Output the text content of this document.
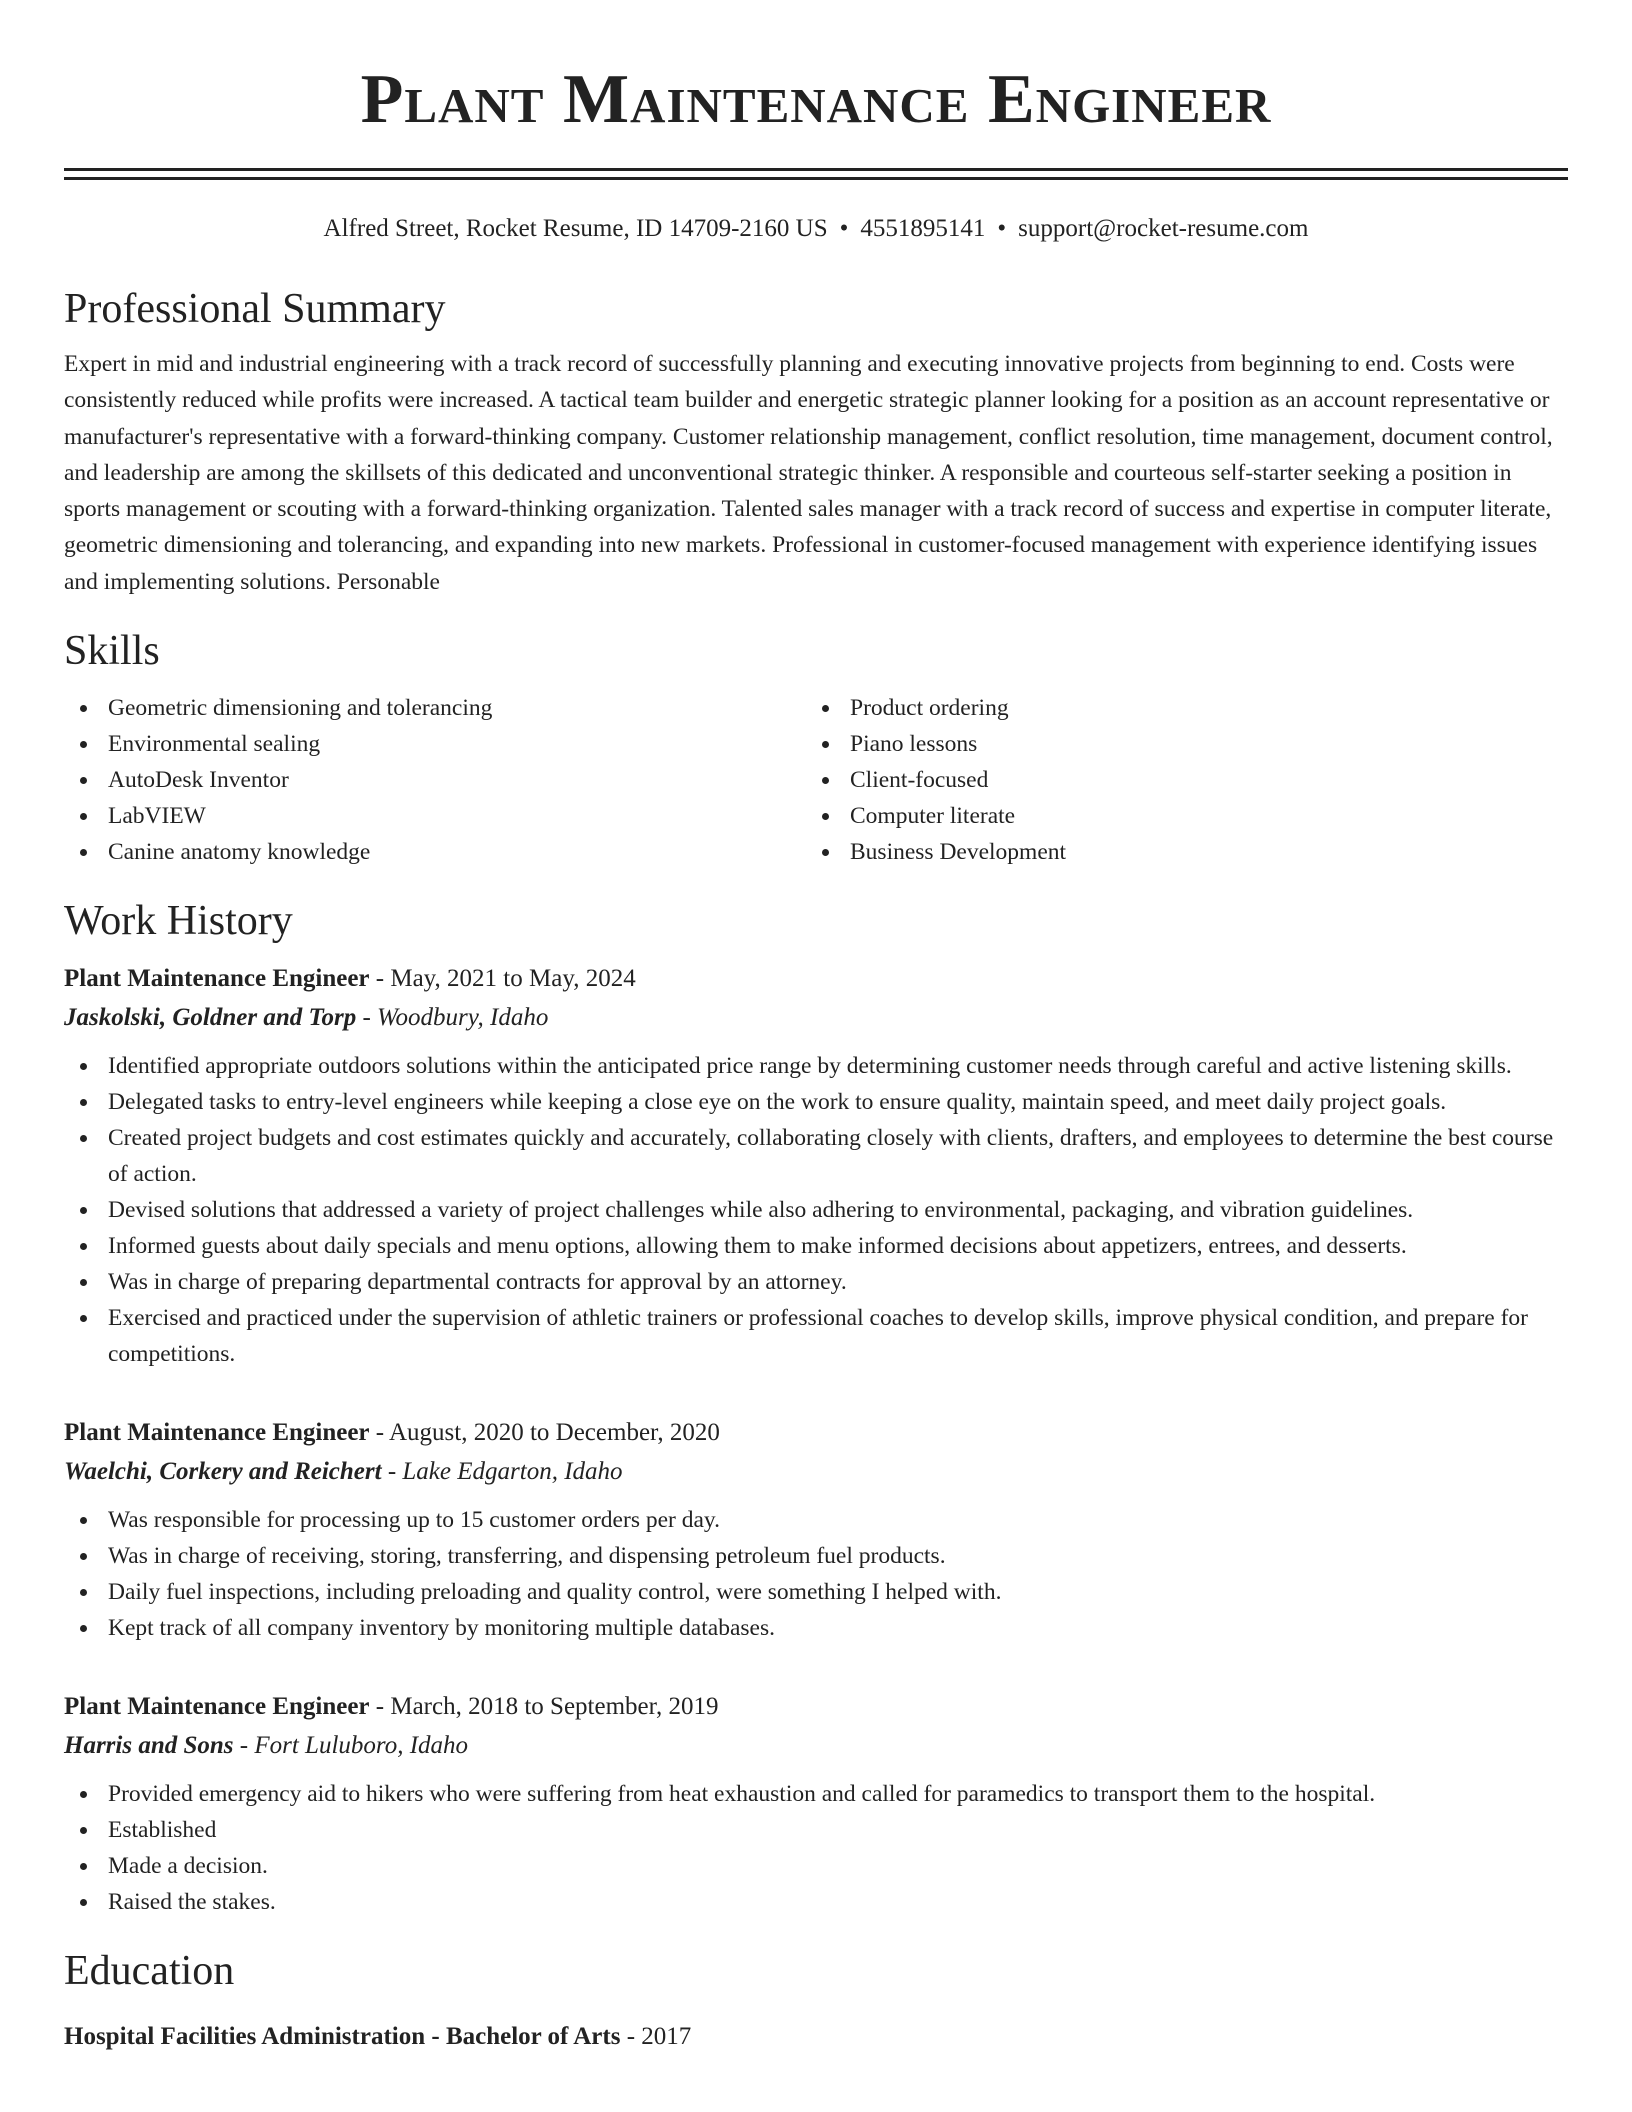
Plant Maintenance Engineer
Alfred Street, Rocket Resume, ID 14709-2160 US • 4551895141 • support@rocket-resume.com
Professional Summary

Expert in mid and industrial engineering with a track record of successfully planning and executing innovative projects from beginning to end. Costs were consistently reduced while profits were increased. A tactical team builder and energetic strategic planner looking for a position as an account representative or manufacturer's representative with a forward-thinking company. Customer relationship management, conflict resolution, time management, document control, and leadership are among the skillsets of this dedicated and unconventional strategic thinker. A responsible and courteous self-starter seeking a position in sports management or scouting with a forward-thinking organization. Talented sales manager with a track record of success and expertise in computer literate, geometric dimensioning and tolerancing, and expanding into new markets. Professional in customer-focused management with experience identifying issues and implementing solutions. Personable

Skills
Geometric dimensioning and tolerancing
Environmental sealing
AutoDesk Inventor
LabVIEW
Canine anatomy knowledge
Product ordering
Piano lessons
Client-focused
Computer literate
Business Development
Work History
Plant Maintenance Engineer - May, 2021 to May, 2024
Jaskolski, Goldner and Torp - Woodbury, Idaho
Identified appropriate outdoors solutions within the anticipated price range by determining customer needs through careful and active listening skills.
Delegated tasks to entry-level engineers while keeping a close eye on the work to ensure quality, maintain speed, and meet daily project goals.
Created project budgets and cost estimates quickly and accurately, collaborating closely with clients, drafters, and employees to determine the best course of action.
Devised solutions that addressed a variety of project challenges while also adhering to environmental, packaging, and vibration guidelines.
Informed guests about daily specials and menu options, allowing them to make informed decisions about appetizers, entrees, and desserts.
Was in charge of preparing departmental contracts for approval by an attorney.
Exercised and practiced under the supervision of athletic trainers or professional coaches to develop skills, improve physical condition, and prepare for competitions.
Plant Maintenance Engineer - August, 2020 to December, 2020
Waelchi, Corkery and Reichert - Lake Edgarton, Idaho
Was responsible for processing up to 15 customer orders per day.
Was in charge of receiving, storing, transferring, and dispensing petroleum fuel products.
Daily fuel inspections, including preloading and quality control, were something I helped with.
Kept track of all company inventory by monitoring multiple databases.
Plant Maintenance Engineer - March, 2018 to September, 2019
Harris and Sons - Fort Luluboro, Idaho
Provided emergency aid to hikers who were suffering from heat exhaustion and called for paramedics to transport them to the hospital.
Established
Made a decision.
Raised the stakes.
Education
Hospital Facilities Administration - Bachelor of Arts - 2017
